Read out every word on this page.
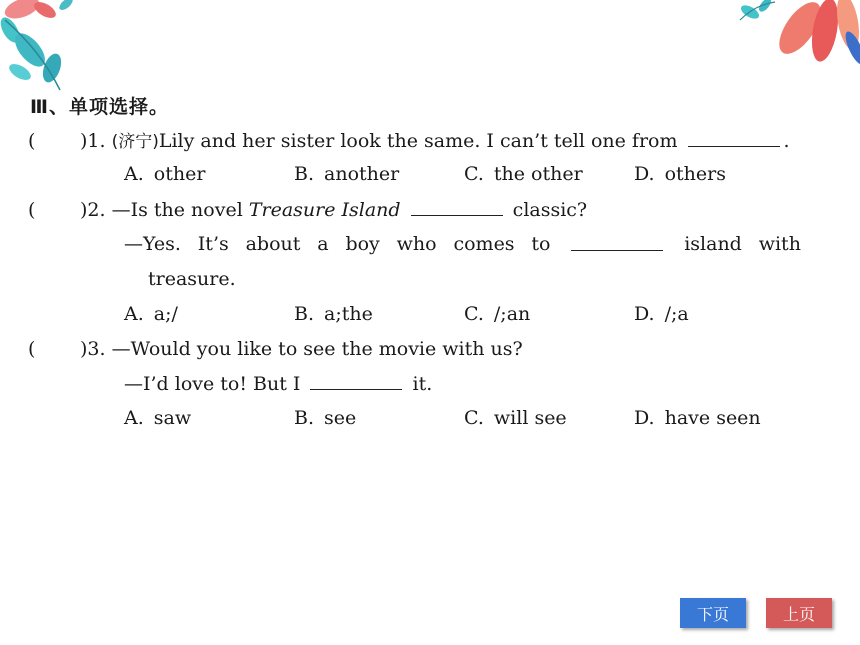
Ⅲ、单项选择。
( )1. (济宁)Lily and her sister look the same. I can’t tell one from	.
A. other	B. another	C. the other	D. others
( )2. —Is the novel Treasure Island	classic?
—Yes. It’s about a boy who comes to	island with
treasure.
A. a;/	B. a;the	C. /;an	D. /;a
( )3. —Would you like to see the movie with us?
—I’d love to! But I	it.
A. saw	B. see	C. will see	D. have seen
下页	上页
